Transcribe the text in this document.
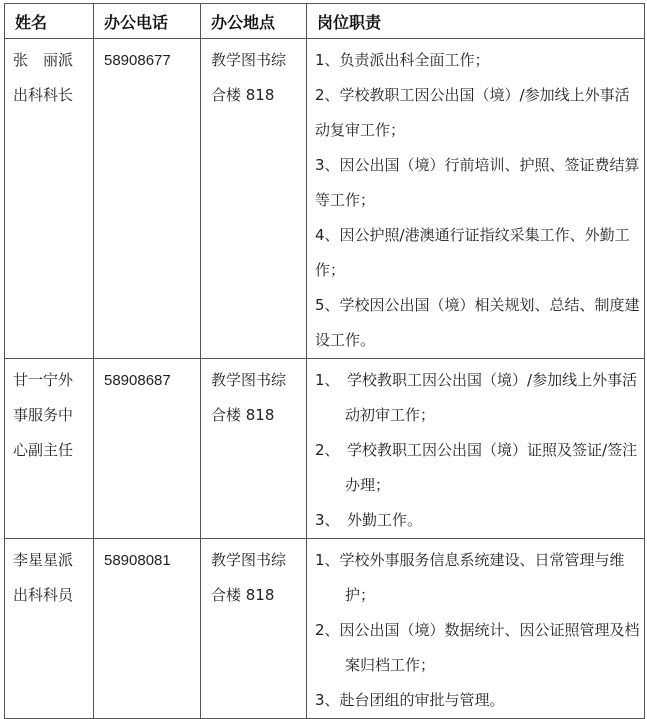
姓名	办公电话	办公地点	岗位职责
张　丽派出科科长	58908677	教学图书综合楼 818	1、负责派出科全面工作；
2、学校教职工因公出国（境）/参加线上外事活动复审工作；
3、因公出国（境）行前培训、护照、签证费结算等工作；
4、因公护照/港澳通行证指纹采集工作、外勤工作；
5、学校因公出国（境）相关规划、总结、制度建设工作。

甘一宁外事服务中心副主任	58908687	教学图书综合楼 818	1、　学校教职工因公出国（境）/参加线上外事活动初审工作；
2、　学校教职工因公出国（境）证照及签证/签注办理；
3、　外勤工作。

李星星派出科科员	58908081	教学图书综合楼 818	1、学校外事服务信息系统建设、日常管理与维护；
2、因公出国（境）数据统计、因公证照管理及档案归档工作；
3、赴台团组的审批与管理。
